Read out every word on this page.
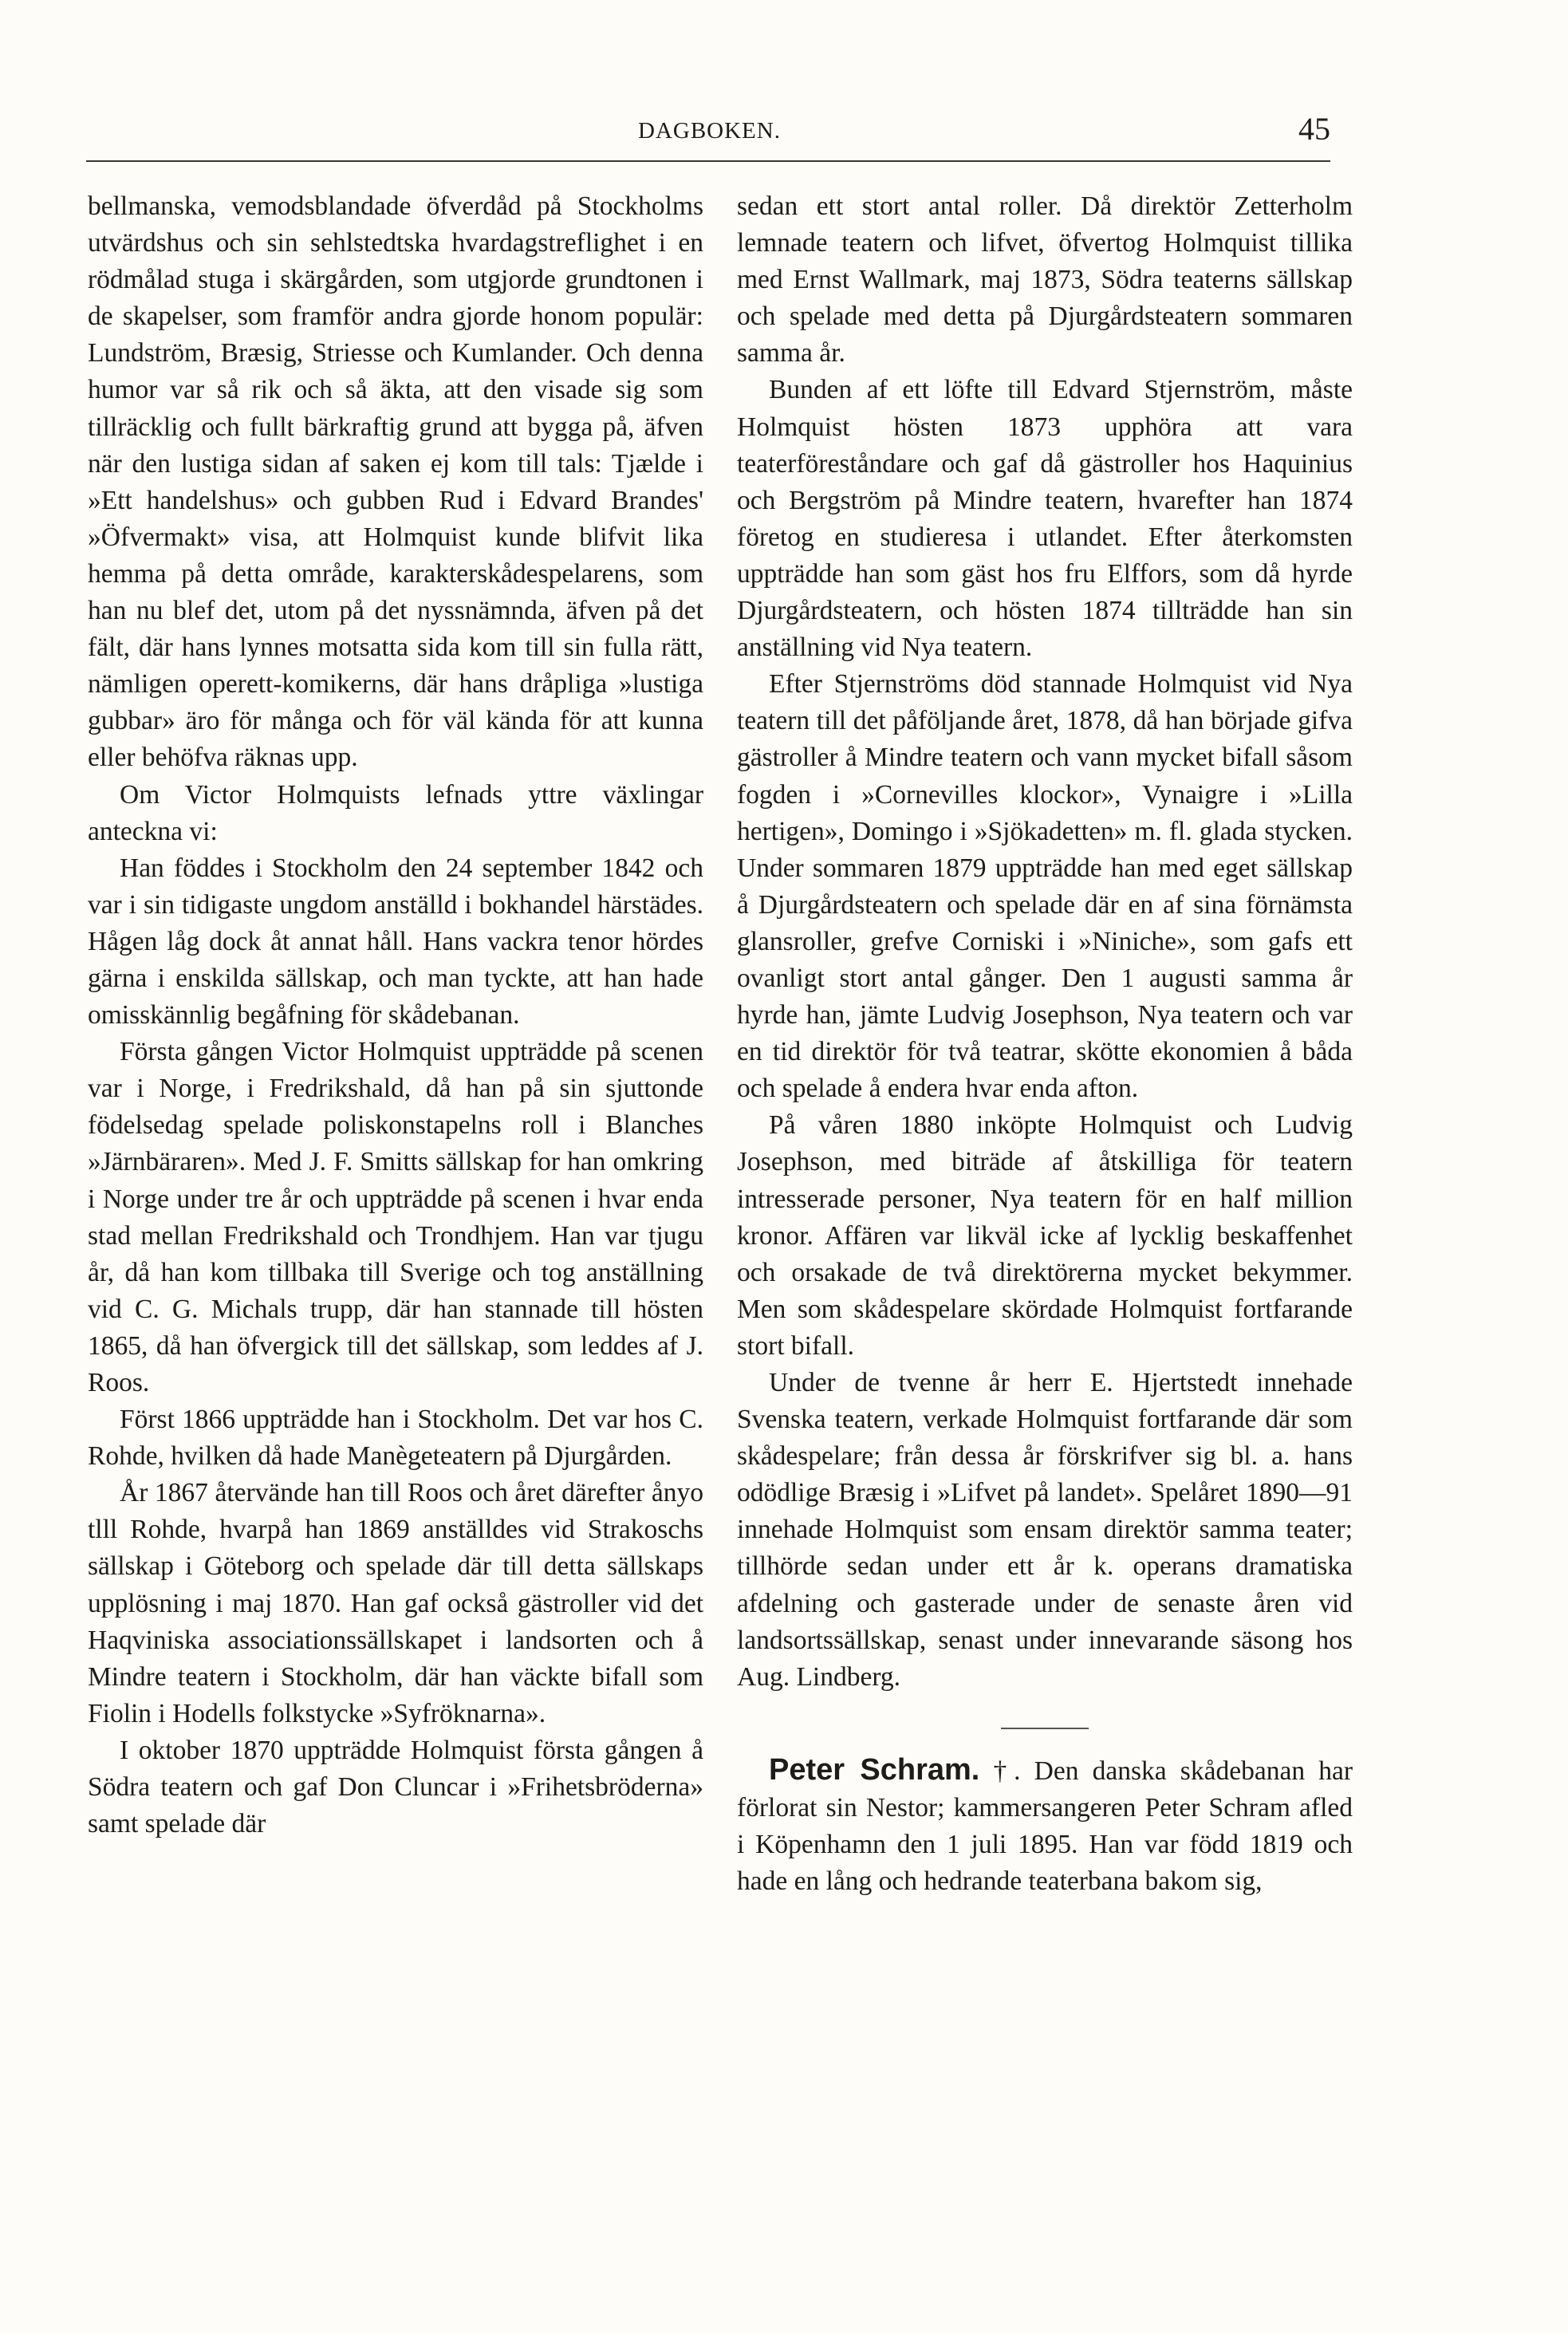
DAGBOKEN.	45

bellmanska, vemodsblandade öfverdåd på Stockholms utvärdshus och sin sehlstedtska hvardagstreflighet i en rödmålad stuga i skärgården, som utgjorde grundtonen i de skapelser, som framför andra gjorde honom populär: Lundström, Bræsig, Striesse och Kumlander. Och denna humor var så rik och så äkta, att den visade sig som tillräcklig och fullt bärkraftig grund att bygga på, äfven när den lustiga sidan af saken ej kom till tals: Tjælde i »Ett handelshus» och gubben Rud i Edvard Brandes' »Öfvermakt» visa, att Holmquist kunde blifvit lika hemma på detta område, karakterskådespelarens, som han nu blef det, utom på det nyssnämnda, äfven på det fält, där hans lynnes motsatta sida kom till sin fulla rätt, nämligen operett-komikerns, där hans dråpliga »lustiga gubbar» äro för många och för väl kända för att kunna eller behöfva räknas upp.

Om Victor Holmquists lefnads yttre växlingar anteckna vi:

Han föddes i Stockholm den 24 september 1842 och var i sin tidigaste ungdom anställd i bokhandel härstädes. Hågen låg dock åt annat håll. Hans vackra tenor hördes gärna i enskilda sällskap, och man tyckte, att han hade omisskännlig begåfning för skådebanan.

Första gången Victor Holmquist uppträdde på scenen var i Norge, i Fredrikshald, då han på sin sjuttonde födelsedag spelade poliskonstapelns roll i Blanches »Järnbäraren». Med J. F. Smitts sällskap for han omkring i Norge under tre år och uppträdde på scenen i hvar enda stad mellan Fredrikshald och Trondhjem. Han var tjugu år, då han kom tillbaka till Sverige och tog anställning vid C. G. Michals trupp, där han stannade till hösten 1865, då han öfvergick till det sällskap, som leddes af J. Roos.

Först 1866 uppträdde han i Stockholm. Det var hos C. Rohde, hvilken då hade Manègeteatern på Djurgården.

År 1867 återvände han till Roos och året därefter ånyo tlll Rohde, hvarpå han 1869 anställdes vid Strakoschs sällskap i Göteborg och spelade där till detta sällskaps upplösning i maj 1870. Han gaf också gästroller vid det Haqviniska associationssällskapet i landsorten och å Mindre teatern i Stockholm, där han väckte bifall som Fiolin i Hodells folkstycke »Syfröknarna».

I oktober 1870 uppträdde Holmquist första gången å Södra teatern och gaf Don Cluncar i »Frihetsbröderna» samt spelade där

sedan ett stort antal roller. Då direktör Zetterholm lemnade teatern och lifvet, öfvertog Holmquist tillika med Ernst Wallmark, maj 1873, Södra teaterns sällskap och spelade med detta på Djurgårdsteatern sommaren samma år.

Bunden af ett löfte till Edvard Stjernström, måste Holmquist hösten 1873 upphöra att vara teaterföreståndare och gaf då gästroller hos Haquinius och Bergström på Mindre teatern, hvarefter han 1874 företog en studieresa i utlandet. Efter återkomsten uppträdde han som gäst hos fru Elffors, som då hyrde Djurgårdsteatern, och hösten 1874 tillträdde han sin anställning vid Nya teatern.

Efter Stjernströms död stannade Holmquist vid Nya teatern till det påföljande året, 1878, då han började gifva gästroller å Mindre teatern och vann mycket bifall såsom fogden i »Cornevilles klockor», Vynaigre i »Lilla hertigen», Domingo i »Sjökadetten» m. fl. glada stycken. Under sommaren 1879 uppträdde han med eget sällskap å Djurgårdsteatern och spelade där en af sina förnämsta glansroller, grefve Corniski i »Niniche», som gafs ett ovanligt stort antal gånger. Den 1 augusti samma år hyrde han, jämte Ludvig Josephson, Nya teatern och var en tid direktör för två teatrar, skötte ekonomien å båda och spelade å endera hvar enda afton.

På våren 1880 inköpte Holmquist och Ludvig Josephson, med biträde af åtskilliga för teatern intresserade personer, Nya teatern för en half million kronor. Affären var likväl icke af lycklig beskaffenhet och orsakade de två direktörerna mycket bekymmer. Men som skådespelare skördade Holmquist fortfarande stort bifall.

Under de tvenne år herr E. Hjertstedt innehade Svenska teatern, verkade Holmquist fortfarande där som skådespelare; från dessa år förskrifver sig bl. a. hans odödlige Bræsig i »Lifvet på landet». Spelåret 1890—91 innehade Holmquist som ensam direktör samma teater; tillhörde sedan under ett år k. operans dramatiska afdelning och gasterade under de senaste åren vid landsortssällskap, senast under innevarande säsong hos Aug. Lindberg.

Peter Schram. †. Den danska skådebanan har förlorat sin Nestor; kammersangeren Peter Schram afled i Köpenhamn den 1 juli 1895. Han var född 1819 och hade en lång och hedrande teaterbana bakom sig,
